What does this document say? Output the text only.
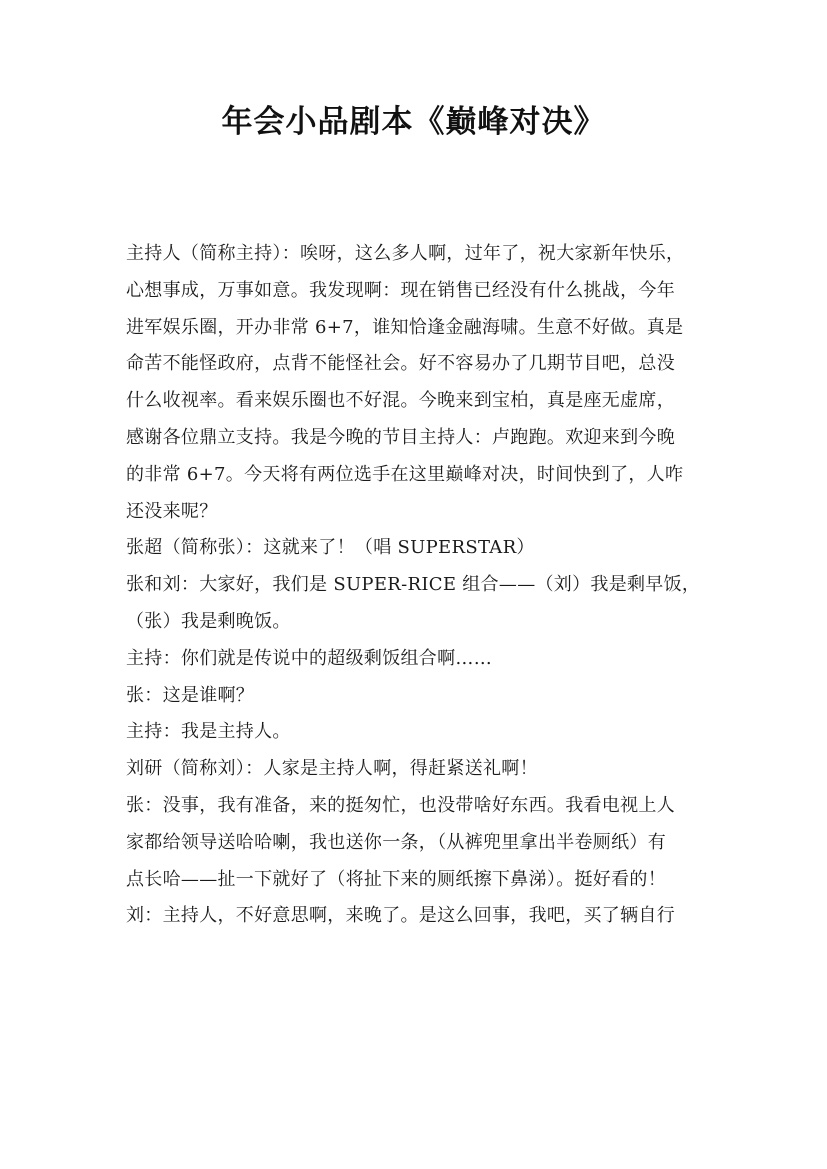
年会小品剧本《巅峰对决》
主持人（简称主持）：唉呀，这么多人啊，过年了，祝大家新年快乐，
心想事成，万事如意。我发现啊：现在销售已经没有什么挑战，今年
进军娱乐圈，开办非常 6+7，谁知恰逢金融海啸。生意不好做。真是
命苦不能怪政府，点背不能怪社会。好不容易办了几期节目吧，总没
什么收视率。看来娱乐圈也不好混。今晚来到宝柏，真是座无虚席，
感谢各位鼎立支持。我是今晚的节目主持人：卢跑跑。欢迎来到今晚
的非常 6+7。今天将有两位选手在这里巅峰对决，时间快到了，人咋
还没来呢？
张超（简称张）：这就来了！（唱 SUPERSTAR）
张和刘：大家好，我们是 SUPER-RICE 组合——（刘）我是剩早饭，
（张）我是剩晚饭。
主持：你们就是传说中的超级剩饭组合啊……
张：这是谁啊？
主持：我是主持人。
刘研（简称刘）：人家是主持人啊，得赶紧送礼啊！
张：没事，我有准备，来的挺匆忙，也没带啥好东西。我看电视上人
家都给领导送哈哈喇，我也送你一条，（从裤兜里拿出半卷厕纸）有
点长哈——扯一下就好了（将扯下来的厕纸擦下鼻涕）。挺好看的！
刘：主持人，不好意思啊，来晚了。是这么回事，我吧，买了辆自行
